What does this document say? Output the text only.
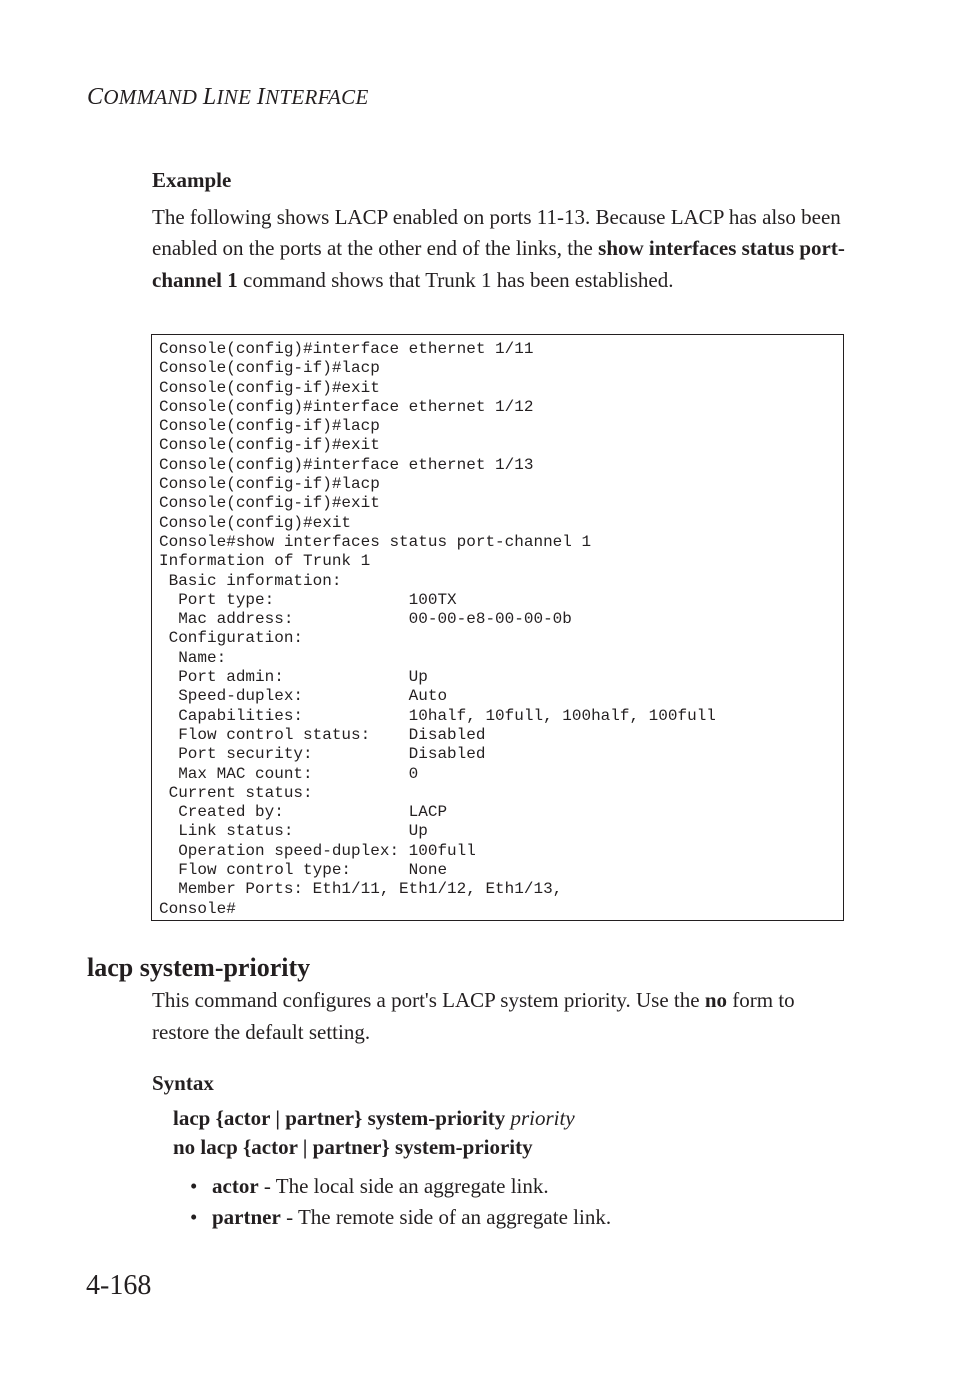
COMMAND LINE INTERFACE
Example
The following shows LACP enabled on ports 11-13. Because LACP has also been enabled on the ports at the other end of the links, the show interfaces status port-channel 1 command shows that Trunk 1 has been established.
Console(config)#interface ethernet 1/11
Console(config-if)#lacp
Console(config-if)#exit
Console(config)#interface ethernet 1/12
Console(config-if)#lacp
Console(config-if)#exit
Console(config)#interface ethernet 1/13
Console(config-if)#lacp
Console(config-if)#exit
Console(config)#exit
Console#show interfaces status port-channel 1
Information of Trunk 1
Basic information:
Port type:              100TX
Mac address:            00-00-e8-00-00-0b
Configuration:
Name:
Port admin:             Up
Speed-duplex:           Auto
Capabilities:           10half, 10full, 100half, 100full
Flow control status:    Disabled
Port security:          Disabled
Max MAC count:          0
Current status:
Created by:             LACP
Link status:            Up
Operation speed-duplex: 100full
Flow control type:      None
Member Ports: Eth1/11, Eth1/12, Eth1/13,
Console#
lacp system-priority
This command configures a port's LACP system priority. Use the no form to restore the default setting.
Syntax
lacp {actor | partner} system-priority priority
no lacp {actor | partner} system-priority
• actor - The local side an aggregate link.
• partner - The remote side of an aggregate link.
4-168
